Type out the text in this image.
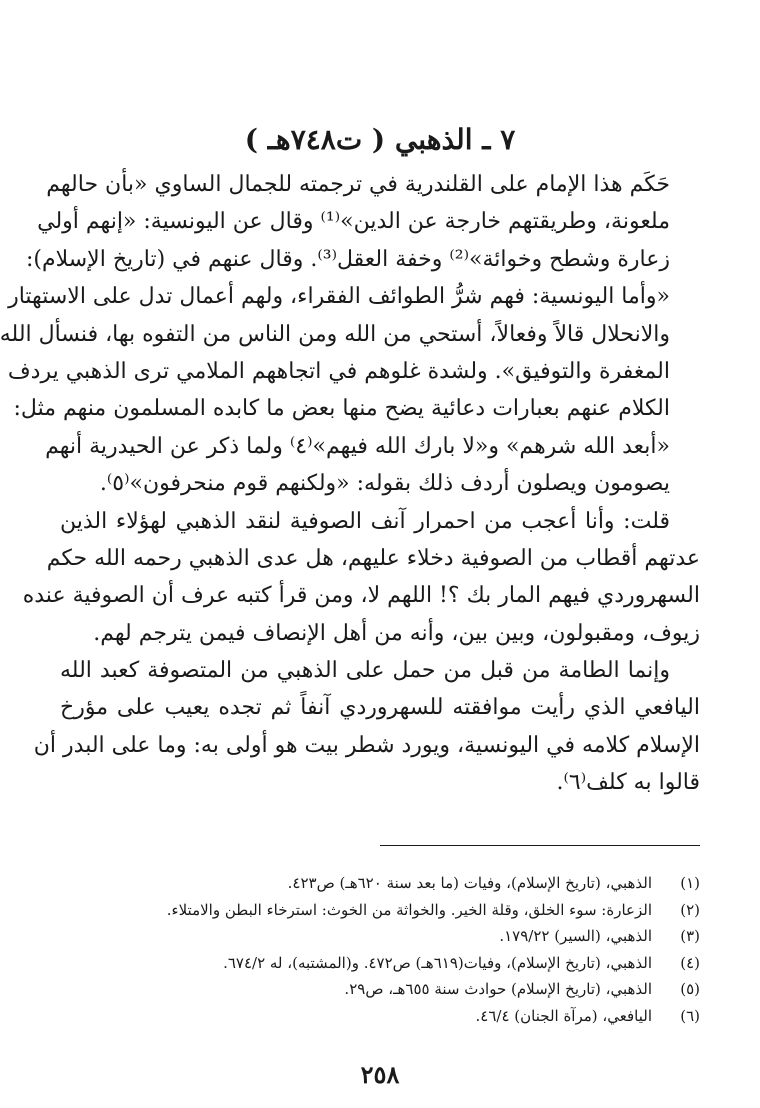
٧ ـ الذهبي ( ت٧٤٨هـ )
حَكَم هذا الإمام على القلندرية في ترجمته للجمال الساوي «بأن حالهم
ملعونة، وطريقتهم خارجة عن الدين»⁽¹⁾ وقال عن اليونسية: «إنهم أولي
زعارة وشطح وخوائة»⁽²⁾ وخفة العقل⁽³⁾. وقال عنهم في (تاريخ الإسلام):
«وأما اليونسية: فهم شرُّ الطوائف الفقراء، ولهم أعمال تدل على الاستهتار
والانحلال قالاً وفعالاً، أستحي من الله ومن الناس من التفوه بها، فنسأل الله
المغفرة والتوفيق». ولشدة غلوهم في اتجاههم الملامي ترى الذهبي يردف
الكلام عنهم بعبارات دعائية يضح منها بعض ما كابده المسلمون منهم مثل:
«أبعد الله شرهم» و«لا بارك الله فيهم»⁽٤⁾ ولما ذكر عن الحيدرية أنهم
يصومون ويصلون أردف ذلك بقوله: «ولكنهم قوم منحرفون»⁽٥⁾.
قلت: وأنا أعجب من احمرار آنف الصوفية لنقد الذهبي لهؤلاء الذين
عدتهم أقطاب من الصوفية دخلاء عليهم، هل عدى الذهبي رحمه الله حكم
السهروردي فيهم المار بك ؟! اللهم لا، ومن قرأ كتبه عرف أن الصوفية عنده
زيوف، ومقبولون، وبين بين، وأنه من أهل الإنصاف فيمن يترجم لهم.
وإنما الطامة من قبل من حمل على الذهبي من المتصوفة كعبد الله
اليافعي الذي رأيت موافقته للسهروردي آنفاً ثم تجده يعيب على مؤرخ
الإسلام كلامه في اليونسية، ويورد شطر بيت هو أولى به: وما على البدر أن
قالوا به كلف⁽٦⁾.
(١)
الذهبي، (تاريخ الإسلام)، وفيات (ما بعد سنة ٦٢٠هـ) ص٤٢٣.
(٢)
الزعارة: سوء الخلق، وقلة الخير. والخواثة من الخوث: استرخاء البطن والامتلاء.
(٣)
الذهبي، (السير) ١٧٩/٢٢.
(٤)
الذهبي، (تاريخ الإسلام)، وفيات(٦١٩هـ) ص٤٧٢. و(المشتبه)، له ٦٧٤/٢.
(٥)
الذهبي، (تاريخ الإسلام) حوادث سنة ٦٥٥هـ، ص٢٩.
(٦)
اليافعي، (مرآة الجنان) ٤٦/٤.
٢٥٨
